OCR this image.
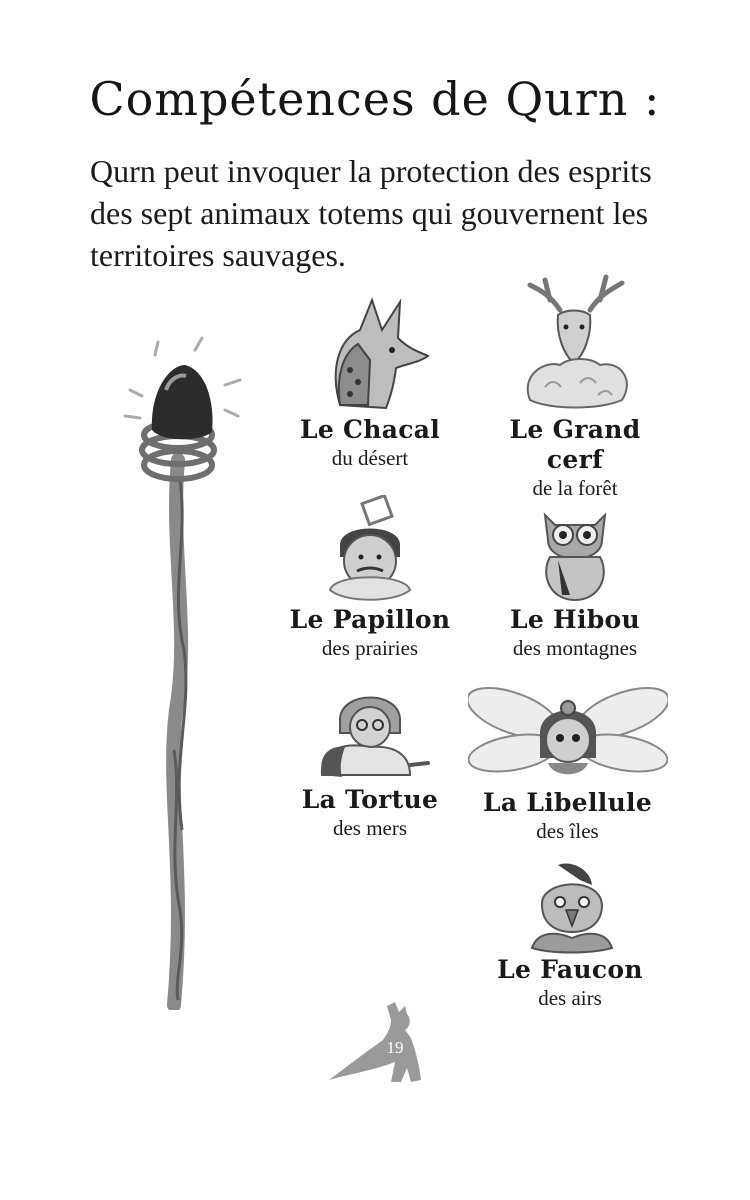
Compétences de Qurn :
Qurn peut invoquer la protection des esprits des sept animaux totems qui gouvernent les territoires sauvages.
Le Chacal
du désert
Le Grand cerf
de la forêt
Le Papillon
des prairies
Le Hibou
des montagnes
La Tortue
des mers
La Libellule
des îles
Le Faucon
des airs
19
